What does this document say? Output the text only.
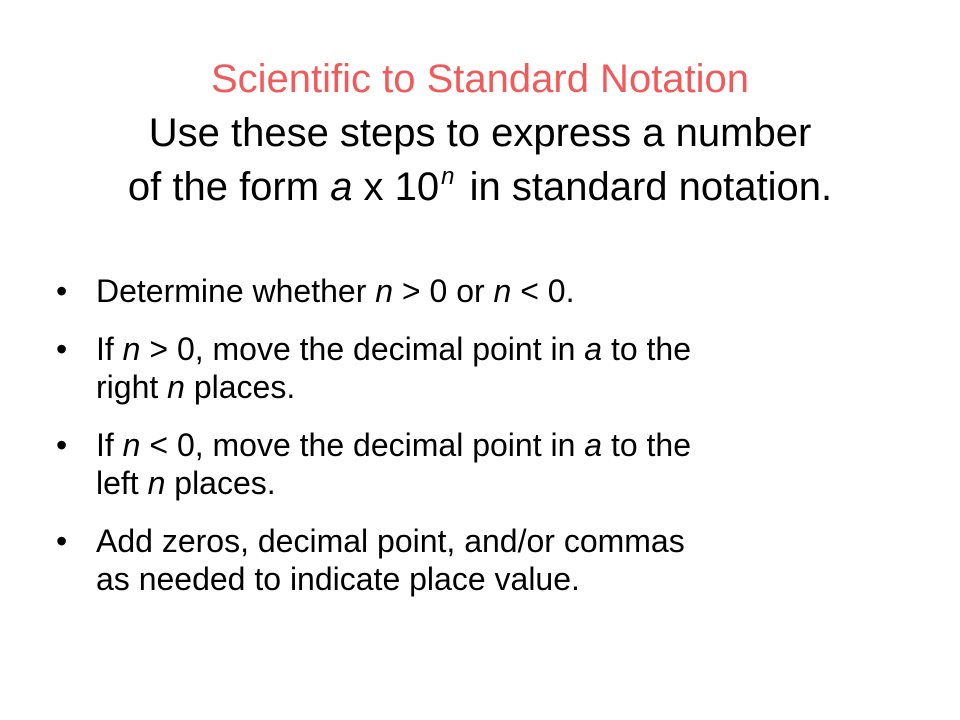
Scientific to Standard Notation
Use these steps to express a number
of the form a x 10$^n$ in standard notation.
• Determine whether n > 0 or n < 0.
• If n > 0, move the decimal point in a to the
right n places.
• If n < 0, move the decimal point in a to the
left n places.
• Add zeros, decimal point, and/or commas
as needed to indicate place value.
